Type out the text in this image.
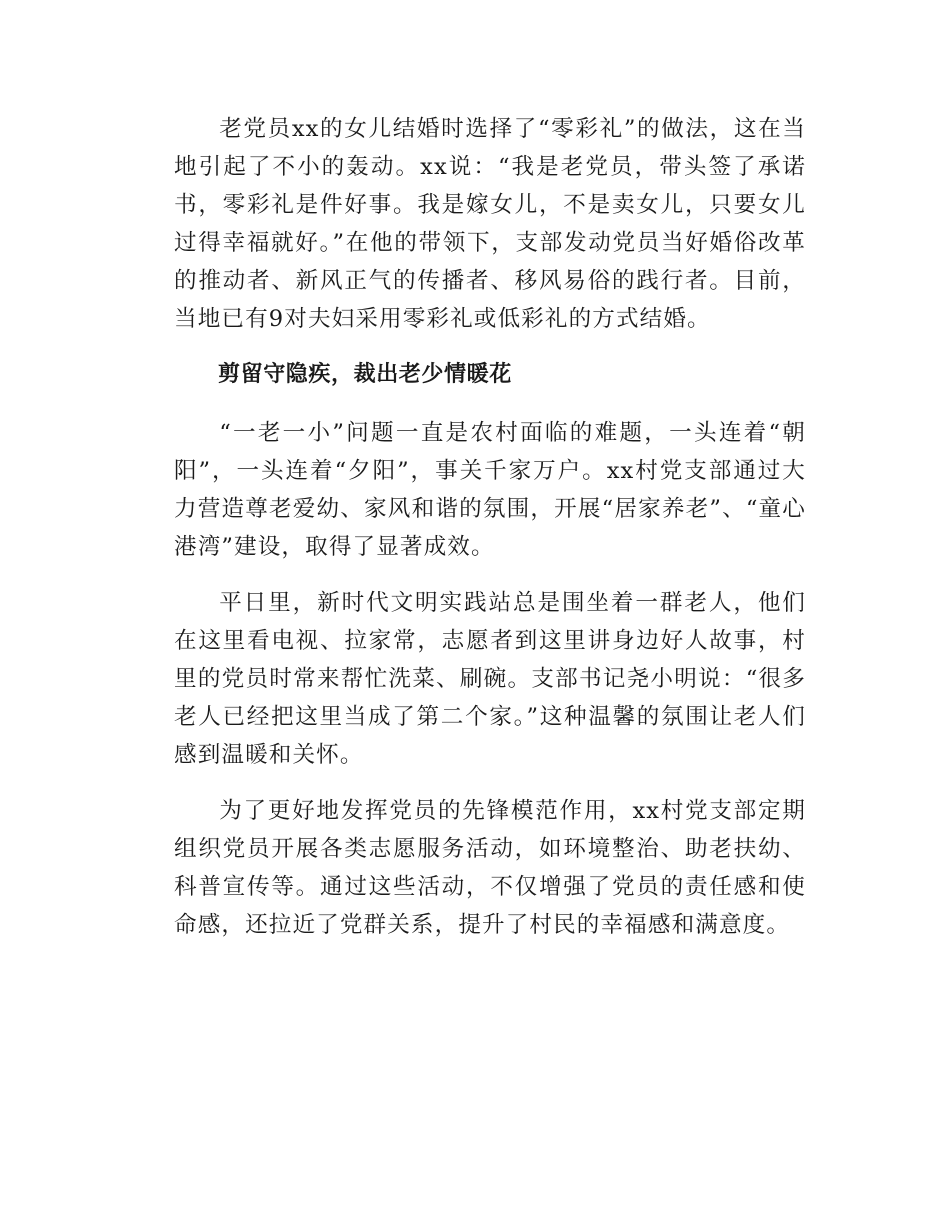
老党员xx的女儿结婚时选择了“零彩礼”的做法，这在当地引起了不小的轰动。xx说：“我是老党员，带头签了承诺书，零彩礼是件好事。我是嫁女儿，不是卖女儿，只要女儿过得幸福就好。”在他的带领下，支部发动党员当好婚俗改革的推动者、新风正气的传播者、移风易俗的践行者。目前，当地已有9对夫妇采用零彩礼或低彩礼的方式结婚。

剪留守隐疾，裁出老少情暖花

“一老一小”问题一直是农村面临的难题，一头连着“朝阳”，一头连着“夕阳”，事关千家万户。xx村党支部通过大力营造尊老爱幼、家风和谐的氛围，开展“居家养老”、“童心港湾”建设，取得了显著成效。

平日里，新时代文明实践站总是围坐着一群老人，他们在这里看电视、拉家常，志愿者到这里讲身边好人故事，村里的党员时常来帮忙洗菜、刷碗。支部书记尧小明说：“很多老人已经把这里当成了第二个家。”这种温馨的氛围让老人们感到温暖和关怀。

为了更好地发挥党员的先锋模范作用，xx村党支部定期组织党员开展各类志愿服务活动，如环境整治、助老扶幼、科普宣传等。通过这些活动，不仅增强了党员的责任感和使命感，还拉近了党群关系，提升了村民的幸福感和满意度。
